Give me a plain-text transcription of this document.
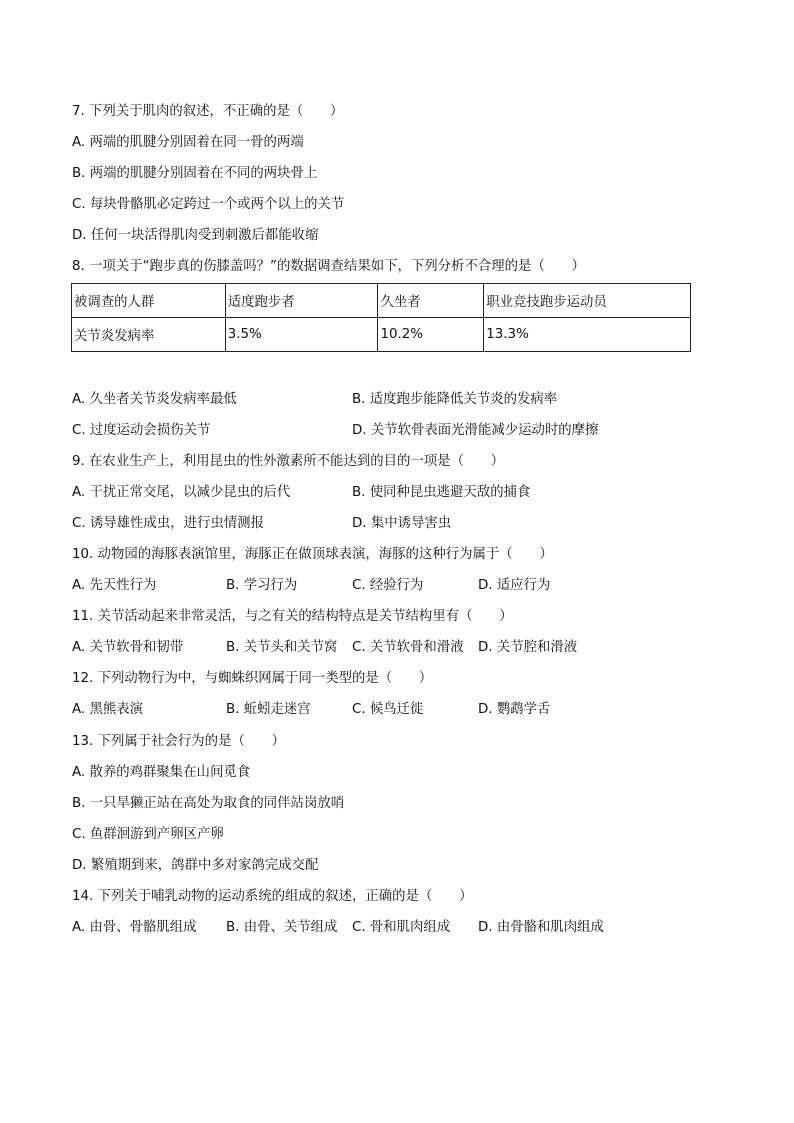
7. 下列关于肌肉的叙述，不正确的是（　　）
A. 两端的肌腱分别固着在同一骨的两端
B. 两端的肌腱分别固着在不同的两块骨上
C. 每块骨骼肌必定跨过一个或两个以上的关节
D. 任何一块活得肌肉受到刺激后都能收缩
8. 一项关于“跑步真的伤膝盖吗？”的数据调查结果如下，下列分析不合理的是（　　）
被调查的人群	适度跑步者	久坐者	职业竞技跑步运动员
关节炎发病率	3.5%	10.2%	13.3%
A. 久坐者关节炎发病率最低	B. 适度跑步能降低关节炎的发病率
C. 过度运动会损伤关节	D. 关节软骨表面光滑能减少运动时的摩擦
9. 在农业生产上，利用昆虫的性外激素所不能达到的目的一项是（　　）
A. 干扰正常交尾，以减少昆虫的后代	B. 使同种昆虫逃避天敌的捕食
C. 诱导雄性成虫，进行虫情测报	D. 集中诱导害虫
10. 动物园的海豚表演馆里，海豚正在做顶球表演，海豚的这种行为属于（　　）
A. 先天性行为	B. 学习行为	C. 经验行为	D. 适应行为
11. 关节活动起来非常灵活，与之有关的结构特点是关节结构里有（　　）
A. 关节软骨和韧带	B. 关节头和关节窝 C. 关节软骨和滑液 D. 关节腔和滑液
12. 下列动物行为中，与蜘蛛织网属于同一类型的是（　　）
A. 黑熊表演	B. 蚯蚓走迷宫	C. 候鸟迁徙	D. 鹦鹉学舌
13. 下列属于社会行为的是（　　）
A. 散养的鸡群聚集在山间觅食
B. 一只旱獭正站在高处为取食的同伴站岗放哨
C. 鱼群洄游到产卵区产卵
D. 繁殖期到来，鸽群中多对家鸽完成交配
14. 下列关于哺乳动物的运动系统的组成的叙述，正确的是（　　）
A. 由骨、骨骼肌组成 B. 由骨、关节组成 C. 骨和肌肉组成 D. 由骨骼和肌肉组成
